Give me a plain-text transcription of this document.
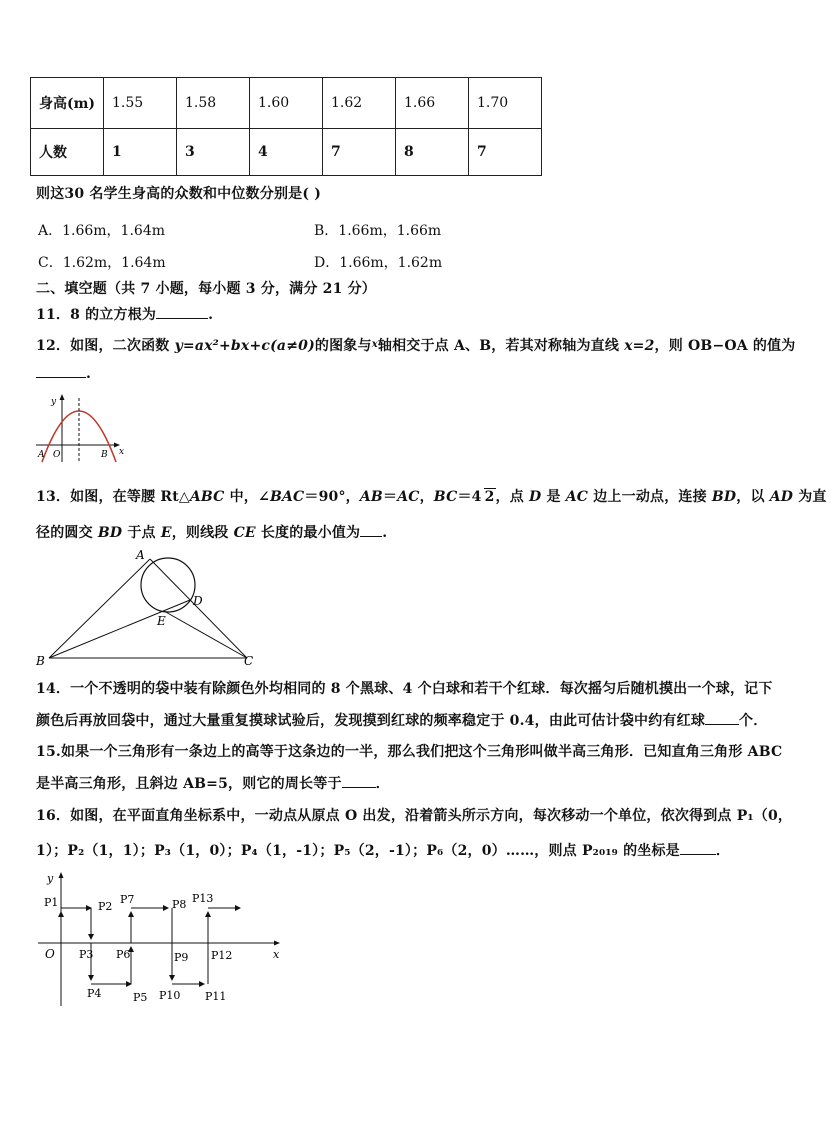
身高(m)	1.55	1.58	1.60	1.62	1.66	1.70
人数	1	3	4	7	8	7
则这30 名学生身高的众数和中位数分别是( )
A．1.66m，1.64m	B．1.66m，1.66m
C．1.62m，1.64m	D．1.66m，1.62m
二、填空题（共 7 小题，每小题 3 分，满分 21 分）
11．8 的立方根为	.
12．如图，二次函数 y=ax²+bx+c(a≠0)的图象与$^x$轴相交于点 A、B，若其对称轴为直线 x=2，则 OB−OA 的值为
.
y
x
A O	B
13．如图，在等腰 Rt△ABC 中，∠BAC＝90°，AB＝AC，BC＝4 2，点 D 是 AC 边上一动点，连接 BD，以 AD 为直
径的圆交 BD 于点 E，则线段 CE 长度的最小值为 .
A
B	C
D
E
14．一个不透明的袋中装有除颜色外均相同的 8 个黑球、4 个白球和若干个红球．每次摇匀后随机摸出一个球，记下
颜色后再放回袋中，通过大量重复摸球试验后，发现摸到红球的频率稳定于 0.4，由此可估计袋中约有红球 个．
15.如果一个三角形有一条边上的高等于这条边的一半，那么我们把这个三角形叫做半高三角形．已知直角三角形 ABC
是半高三角形，且斜边 AB=5，则它的周长等于 ．
16．如图，在平面直角坐标系中，一动点从原点 O 出发，沿着箭头所示方向，每次移动一个单位，依次得到点 P₁（0，
1）；P₂（1，1）；P₃（1，0）；P₄（1，-1）；P₅（2，-1）；P₆（2，0）……，则点 P₂₀₁₉ 的坐标是	．
y
x
O
P1	P2
P3
P4	P5
P6
P7	P8
P9
P10 P11
P12
P13
